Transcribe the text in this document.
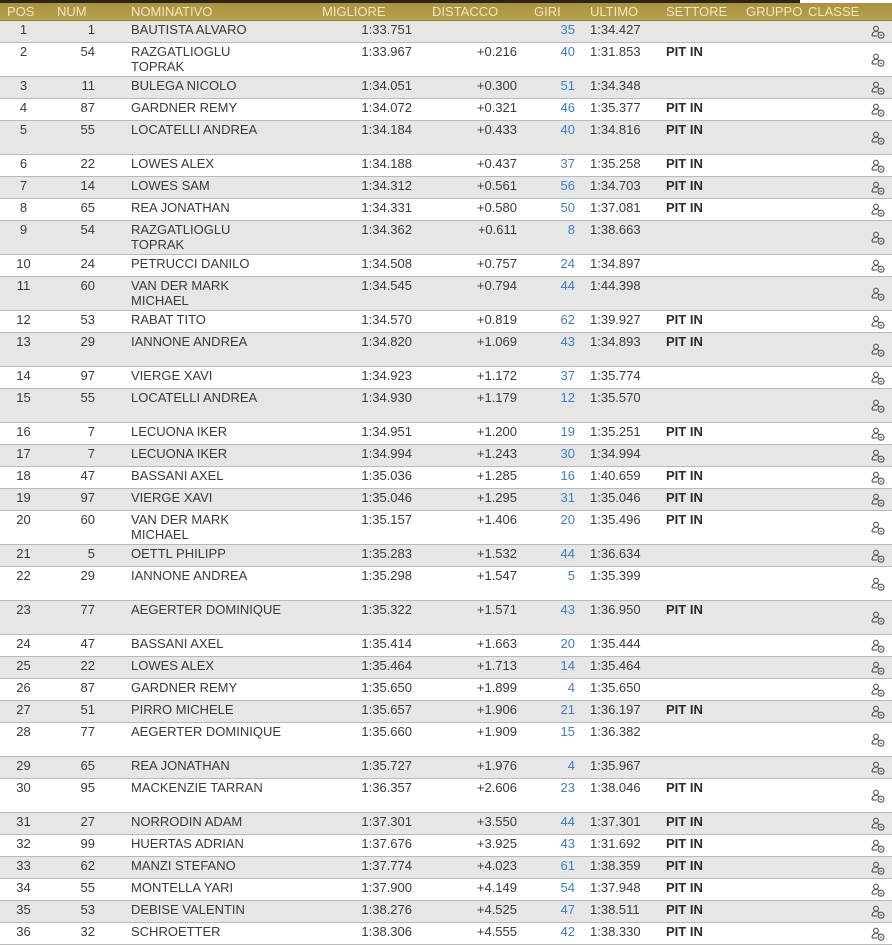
POS	NUM	NOMINATIVO	MIGLIORE	DISTACCO	GIRI	ULTIMO	SETTORE	GRUPPO	CLASSE	
1	1	BAUTISTA ALVARO	1:33.751		35	1:34.427				
2	54	RAZGATLIOGLU TOPRAK	1:33.967	+0.216	40	1:31.853	PIT IN			
3	11	BULEGA NICOLO	1:34.051	+0.300	51	1:34.348				
4	87	GARDNER REMY	1:34.072	+0.321	46	1:35.377	PIT IN			
5	55	LOCATELLI ANDREA	1:34.184	+0.433	40	1:34.816	PIT IN			
6	22	LOWES ALEX	1:34.188	+0.437	37	1:35.258	PIT IN			
7	14	LOWES SAM	1:34.312	+0.561	56	1:34.703	PIT IN			
8	65	REA JONATHAN	1:34.331	+0.580	50	1:37.081	PIT IN			
9	54	RAZGATLIOGLU TOPRAK	1:34.362	+0.611	8	1:38.663				
10	24	PETRUCCI DANILO	1:34.508	+0.757	24	1:34.897				
11	60	VAN DER MARK MICHAEL	1:34.545	+0.794	44	1:44.398				
12	53	RABAT TITO	1:34.570	+0.819	62	1:39.927	PIT IN			
13	29	IANNONE ANDREA	1:34.820	+1.069	43	1:34.893	PIT IN			
14	97	VIERGE XAVI	1:34.923	+1.172	37	1:35.774				
15	55	LOCATELLI ANDREA	1:34.930	+1.179	12	1:35.570				
16	7	LECUONA IKER	1:34.951	+1.200	19	1:35.251	PIT IN			
17	7	LECUONA IKER	1:34.994	+1.243	30	1:34.994				
18	47	BASSANI AXEL	1:35.036	+1.285	16	1:40.659	PIT IN			
19	97	VIERGE XAVI	1:35.046	+1.295	31	1:35.046	PIT IN			
20	60	VAN DER MARK MICHAEL	1:35.157	+1.406	20	1:35.496	PIT IN			
21	5	OETTL PHILIPP	1:35.283	+1.532	44	1:36.634				
22	29	IANNONE ANDREA	1:35.298	+1.547	5	1:35.399				
23	77	AEGERTER DOMINIQUE	1:35.322	+1.571	43	1:36.950	PIT IN			
24	47	BASSANI AXEL	1:35.414	+1.663	20	1:35.444				
25	22	LOWES ALEX	1:35.464	+1.713	14	1:35.464				
26	87	GARDNER REMY	1:35.650	+1.899	4	1:35.650				
27	51	PIRRO MICHELE	1:35.657	+1.906	21	1:36.197	PIT IN			
28	77	AEGERTER DOMINIQUE	1:35.660	+1.909	15	1:36.382				
29	65	REA JONATHAN	1:35.727	+1.976	4	1:35.967				
30	95	MACKENZIE TARRAN	1:36.357	+2.606	23	1:38.046	PIT IN			
31	27	NORRODIN ADAM	1:37.301	+3.550	44	1:37.301	PIT IN			
32	99	HUERTAS ADRIAN	1:37.676	+3.925	43	1:31.692	PIT IN			
33	62	MANZI STEFANO	1:37.774	+4.023	61	1:38.359	PIT IN			
34	55	MONTELLA YARI	1:37.900	+4.149	54	1:37.948	PIT IN			
35	53	DEBISE VALENTIN	1:38.276	+4.525	47	1:38.511	PIT IN			
36	32	SCHROETTER	1:38.306	+4.555	42	1:38.330	PIT IN			
